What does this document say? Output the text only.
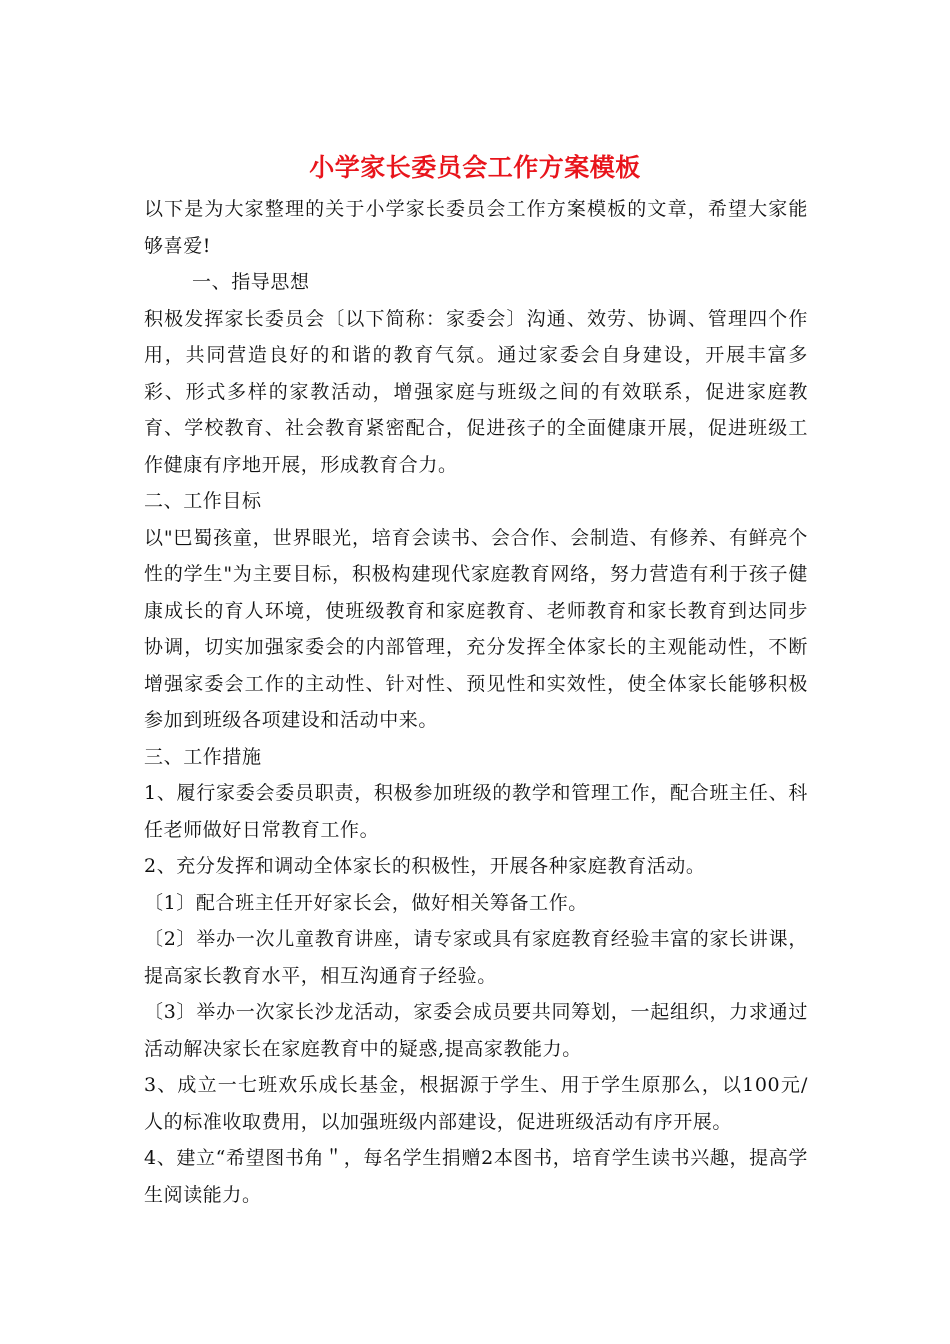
小学家长委员会工作方案模板

以下是为大家整理的关于小学家长委员会工作方案模板的文章，希望大家能够喜爱!

一、指导思想

积极发挥家长委员会〔以下简称：家委会〕沟通、效劳、协调、管理四个作用，共同营造良好的和谐的教育气氛。通过家委会自身建设，开展丰富多彩、形式多样的家教活动，增强家庭与班级之间的有效联系，促进家庭教育、学校教育、社会教育紧密配合，促进孩子的全面健康开展，促进班级工作健康有序地开展，形成教育合力。

二、工作目标

以"巴蜀孩童，世界眼光，培育会读书、会合作、会制造、有修养、有鲜亮个性的学生"为主要目标，积极构建现代家庭教育网络，努力营造有利于孩子健康成长的育人环境，使班级教育和家庭教育、老师教育和家长教育到达同步协调，切实加强家委会的内部管理，充分发挥全体家长的主观能动性，不断增强家委会工作的主动性、针对性、预见性和实效性，使全体家长能够积极参加到班级各项建设和活动中来。

三、工作措施

1、履行家委会委员职责，积极参加班级的教学和管理工作，配合班主任、科任老师做好日常教育工作。

2、充分发挥和调动全体家长的积极性，开展各种家庭教育活动。

〔1〕配合班主任开好家长会，做好相关筹备工作。

〔2〕举办一次儿童教育讲座，请专家或具有家庭教育经验丰富的家长讲课，提高家长教育水平，相互沟通育子经验。

〔3〕举办一次家长沙龙活动，家委会成员要共同筹划，一起组织，力求通过活动解决家长在家庭教育中的疑惑,提高家教能力。

3、成立一七班欢乐成长基金，根据源于学生、用于学生原那么，以100元/人的标准收取费用，以加强班级内部建设，促进班级活动有序开展。

4、建立“希望图书角＂，每名学生捐赠2本图书，培育学生读书兴趣，提高学生阅读能力。
